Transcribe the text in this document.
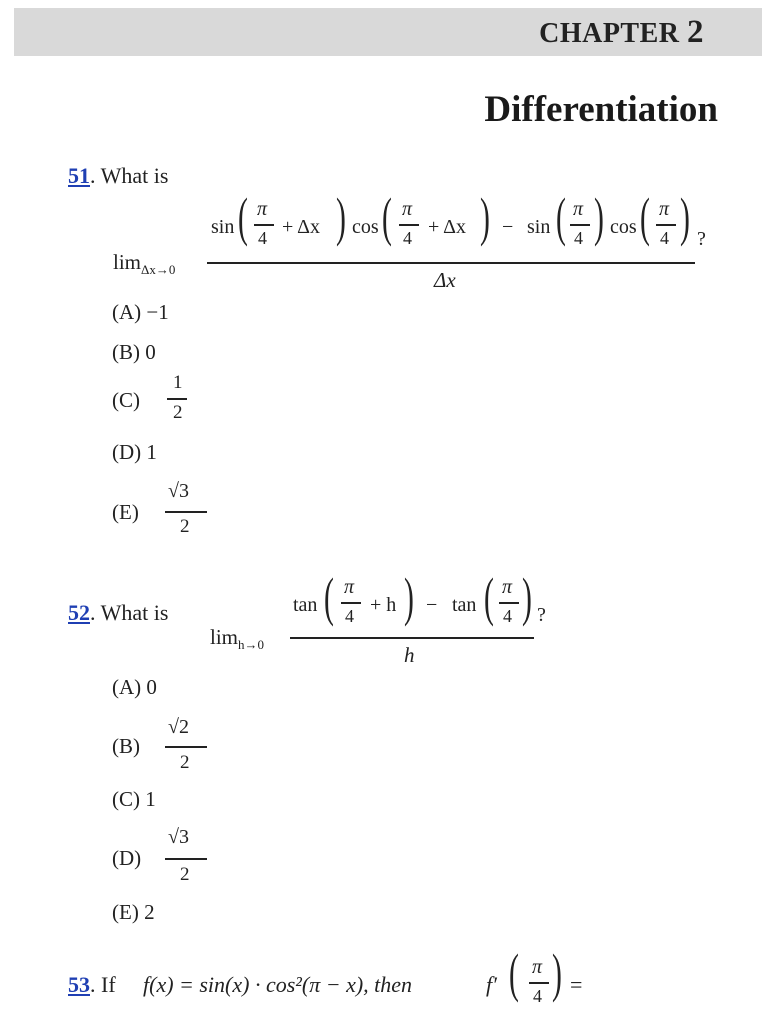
CHAPTER 2
Differentiation
51. What is
$\lim_{\Delta x\to 0}$
sin ( π
4 + Δx ) cos ( π
4 + Δx ) − sin ( π
4 ) cos ( π
4 ) ?
Δx
(A) −1
(B) 0
(C)
1
2
(D) 1
(E)
√3
2
52. What is
$\lim_{h\to 0}$
tan ( π
4 + h ) − tan ( π
4 ) ?
h
(A) 0
(B)
√2
2
(C) 1
(D)
√3
2
(E) 2
53. If f(x) = sin(x) · cos²(π − x), then	f′ ( π
4 ) =
